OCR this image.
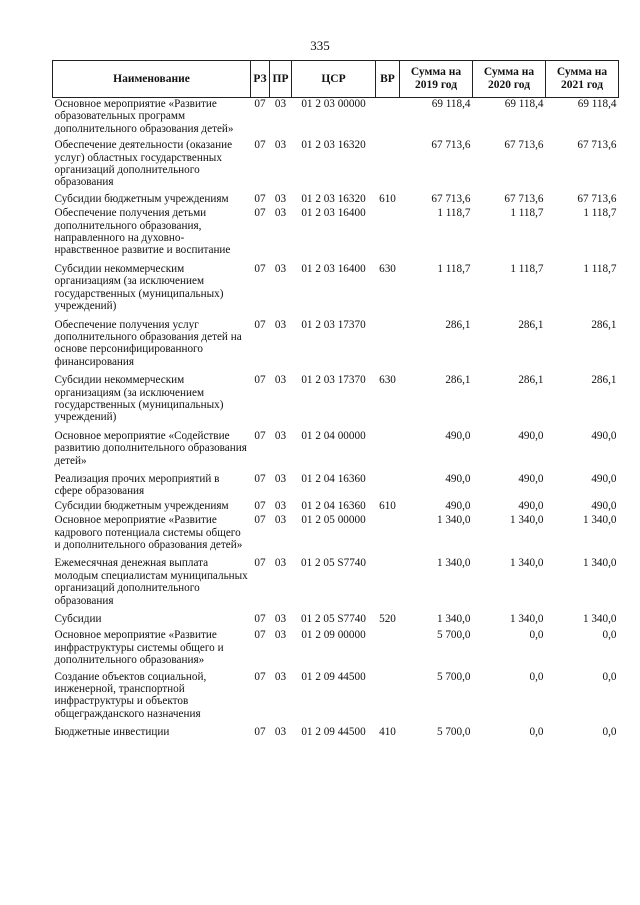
335
Наименование	РЗ	ПР	ЦСР	ВР	Сумма на 2019 год	Сумма на 2020 год	Сумма на 2021 год
Основное мероприятие «Развитие образовательных программ дополнительного образования детей»	07	03	01 2 03 00000		69 118,4	69 118,4	69 118,4
Обеспечение деятельности (оказание услуг) областных государственных организаций дополнительного образования	07	03	01 2 03 16320		67 713,6	67 713,6	67 713,6
Субсидии бюджетным учреждениям	07	03	01 2 03 16320	610	67 713,6	67 713,6	67 713,6
Обеспечение получения детьми дополнительного образования, направленного на духовно-нравственное развитие и воспитание	07	03	01 2 03 16400		1 118,7	1 118,7	1 118,7
Субсидии некоммерческим организациям (за исключением государственных (муниципальных) учреждений)	07	03	01 2 03 16400	630	1 118,7	1 118,7	1 118,7
Обеспечение получения услуг дополнительного образования детей на основе персонифицированного финансирования	07	03	01 2 03 17370		286,1	286,1	286,1
Субсидии некоммерческим организациям (за исключением государственных (муниципальных) учреждений)	07	03	01 2 03 17370	630	286,1	286,1	286,1
Основное мероприятие «Содействие развитию дополнительного образования детей»	07	03	01 2 04 00000		490,0	490,0	490,0
Реализация прочих мероприятий в сфере образования	07	03	01 2 04 16360		490,0	490,0	490,0
Субсидии бюджетным учреждениям	07	03	01 2 04 16360	610	490,0	490,0	490,0
Основное мероприятие «Развитие кадрового потенциала системы общего и дополнительного образования детей»	07	03	01 2 05 00000		1 340,0	1 340,0	1 340,0
Ежемесячная денежная выплата молодым специалистам муниципальных организаций дополнительного образования	07	03	01 2 05 S7740		1 340,0	1 340,0	1 340,0
Субсидии	07	03	01 2 05 S7740	520	1 340,0	1 340,0	1 340,0
Основное мероприятие «Развитие инфраструктуры системы общего и дополнительного образования»	07	03	01 2 09 00000		5 700,0	0,0	0,0
Создание объектов социальной, инженерной, транспортной инфраструктуры и объектов общегражданского назначения	07	03	01 2 09 44500		5 700,0	0,0	0,0
Бюджетные инвестиции	07	03	01 2 09 44500	410	5 700,0	0,0	0,0
